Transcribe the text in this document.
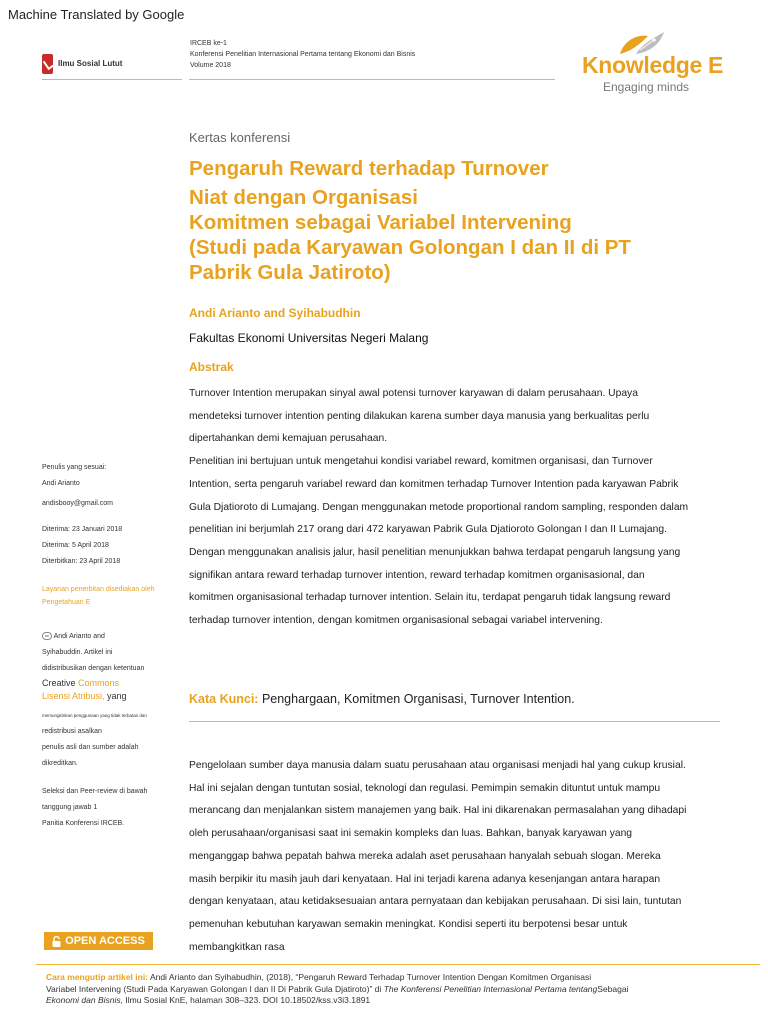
Machine Translated by Google
Ilmu Sosial Lutut
IRCEB ke-1
Konferensi Penelitian Internasional Pertama tentang Ekonomi dan Bisnis
Volume 2018	Knowledge E
Engaging minds
Kertas konferensi
Pengaruh Reward terhadap Turnover
Niat dengan Organisasi
Komitmen sebagai Variabel Intervening
(Studi pada Karyawan Golongan I dan II di PT
Pabrik Gula Jatiroto)
Andi Arianto and Syihabudhin
Fakultas Ekonomi Universitas Negeri Malang
Abstrak
Turnover Intention merupakan sinyal awal potensi turnover karyawan di dalam perusahaan. Upaya
mendeteksi turnover intention penting dilakukan karena sumber daya manusia yang berkualitas perlu
dipertahankan demi kemajuan perusahaan.
Penelitian ini bertujuan untuk mengetahui kondisi variabel reward, komitmen organisasi, dan Turnover
Intention, serta pengaruh variabel reward dan komitmen terhadap Turnover Intention pada karyawan Pabrik
Gula Djatioroto di Lumajang. Dengan menggunakan metode proportional random sampling, responden dalam
penelitian ini berjumlah 217 orang dari 472 karyawan Pabrik Gula Djatioroto Golongan I dan II Lumajang.
Dengan menggunakan analisis jalur, hasil penelitian menunjukkan bahwa terdapat pengaruh langsung yang
signifikan antara reward terhadap turnover intention, reward terhadap komitmen organisasional, dan
komitmen organisasional terhadap turnover intention. Selain itu, terdapat pengaruh tidak langsung reward
terhadap turnover intention, dengan komitmen organisasional sebagai variabel intervening.
Kata Kunci: Penghargaan, Komitmen Organisasi, Turnover Intention.
Pengelolaan sumber daya manusia dalam suatu perusahaan atau organisasi menjadi hal yang cukup krusial.
Hal ini sejalan dengan tuntutan sosial, teknologi dan regulasi. Pemimpin semakin dituntut untuk mampu
merancang dan menjalankan sistem manajemen yang baik. Hal ini dikarenakan permasalahan yang dihadapi
oleh perusahaan/organisasi saat ini semakin kompleks dan luas. Bahkan, banyak karyawan yang
menganggap bahwa pepatah bahwa mereka adalah aset perusahaan hanyalah sebuah slogan. Mereka
masih berpikir itu masih jauh dari kenyataan. Hal ini terjadi karena adanya kesenjangan antara harapan
dengan kenyataan, atau ketidaksesuaian antara pernyataan dan kebijakan perusahaan. Di sisi lain, tuntutan
pemenuhan kebutuhan karyawan semakin meningkat. Kondisi seperti itu berpotensi besar untuk
membangkitkan rasa
Penulis yang sesuai:
Andi Arianto
andisbooy@gmail.com
Diterima: 23 Januari 2018
Diterima: 5 April 2018
Diterbitkan: 23 April 2018
Layanan penerbitan disediakan oleh
Pengetahuan E
cc Andi Arianto and
Syihabuddin. Artikel ini
didistribusikan dengan ketentuan
Creative Commons
Lisensi Atribusi, yang
memungkinkan penggunaan yang tidak terbatas dan
redistribusi asalkan
penulis asli dan sumber adalah
dikreditkan.
Seleksi dan Peer-review di bawah
tanggung jawab 1
Panitia Konferensi IRCEB.
OPEN ACCESS
Cara mengutip artikel ini: Andi Arianto dan Syihabudhin, (2018), “Pengaruh Reward Terhadap Turnover Intention Dengan Komitmen Organisasi
Variabel Intervening (Studi Pada Karyawan Golongan I dan II Di Pabrik Gula Djatiroto)” di The Konferensi Penelitian Internasional Pertama tentangSebagai
Ekonomi dan Bisnis, Ilmu Sosial KnE, halaman 308–323. DOI 10.18502/kss.v3i3.1891
